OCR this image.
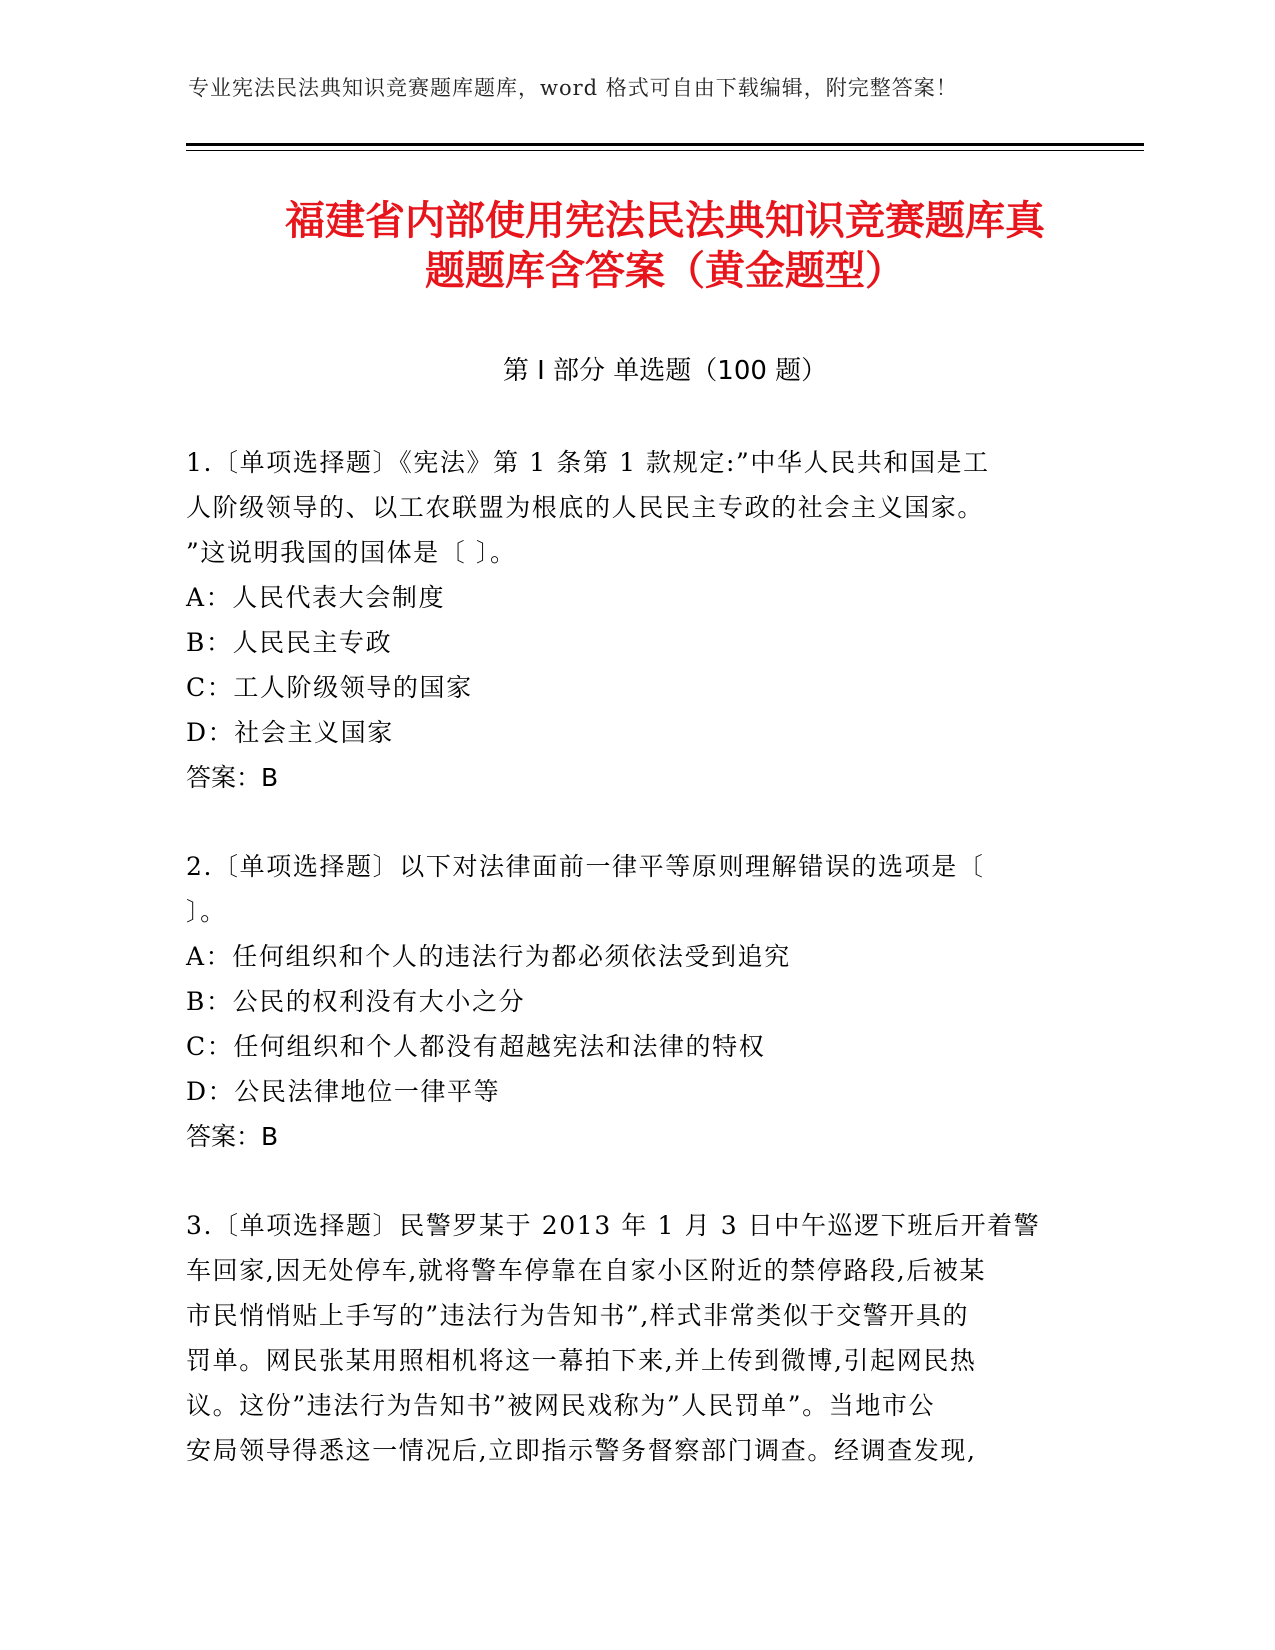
专业宪法民法典知识竞赛题库题库，word 格式可自由下载编辑，附完整答案！
福建省内部使用宪法民法典知识竞赛题库真
题题库含答案（黄金题型）
第 I 部分 单选题（100 题）
1.〔单项选择题〕《宪法》第 1 条第 1 款规定:”中华人民共和国是工
人阶级领导的、以工农联盟为根底的人民民主专政的社会主义国家。
”这说明我国的国体是〔 〕。
A：人民代表大会制度
B：人民民主专政
C：工人阶级领导的国家
D：社会主义国家
答案：B
2.〔单项选择题〕以下对法律面前一律平等原则理解错误的选项是〔
〕。
A：任何组织和个人的违法行为都必须依法受到追究
B：公民的权利没有大小之分
C：任何组织和个人都没有超越宪法和法律的特权
D：公民法律地位一律平等
答案：B
3.〔单项选择题〕民警罗某于 2013 年 1 月 3 日中午巡逻下班后开着警
车回家,因无处停车,就将警车停靠在自家小区附近的禁停路段,后被某
市民悄悄贴上手写的”违法行为告知书”,样式非常类似于交警开具的
罚单。网民张某用照相机将这一幕拍下来,并上传到微博,引起网民热
议。这份”违法行为告知书”被网民戏称为”人民罚单”。当地市公
安局领导得悉这一情况后,立即指示警务督察部门调查。经调查发现,
